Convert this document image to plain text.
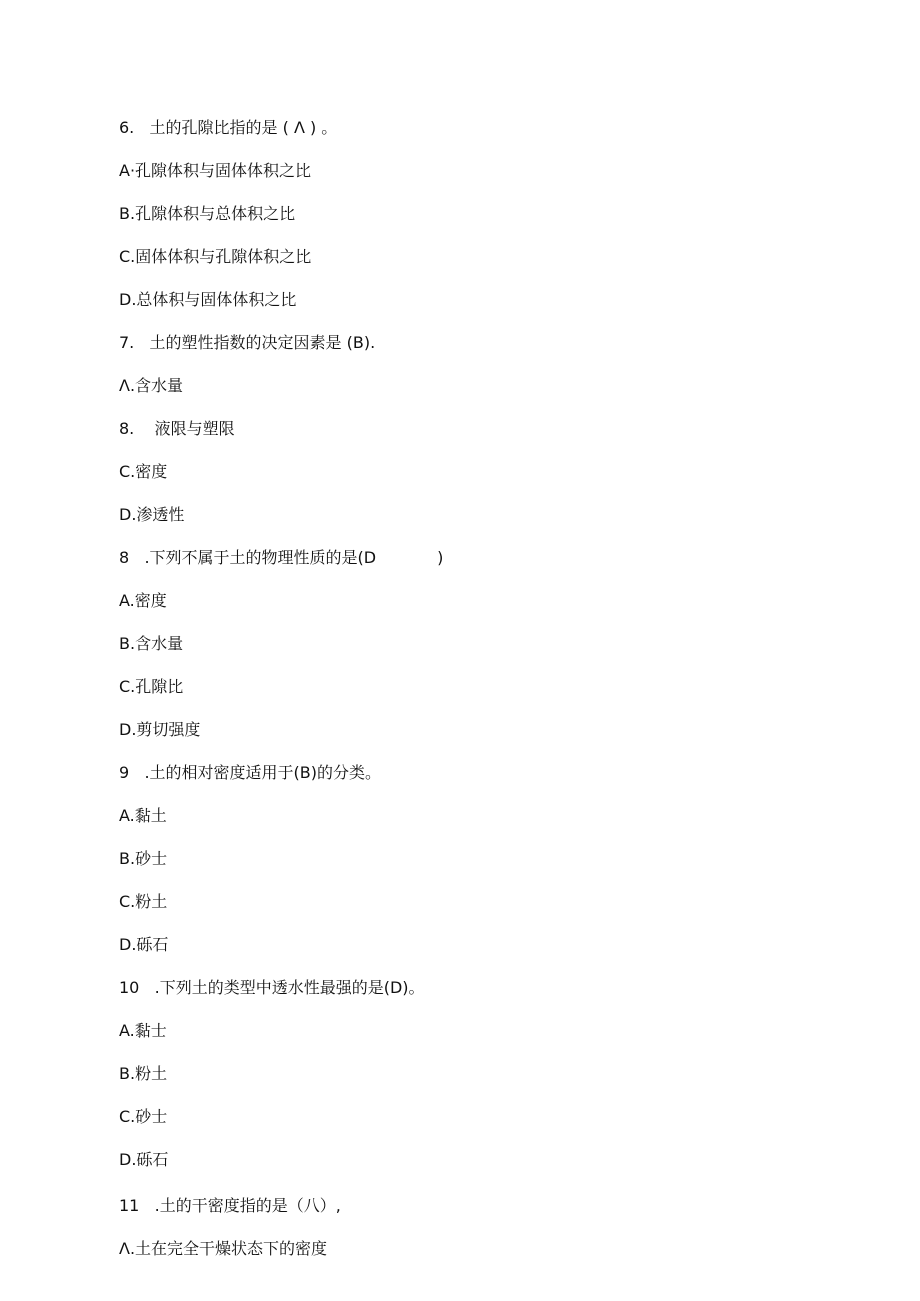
6.   土的孔隙比指的是 ( Λ ) 。
A·孔隙体积与固体体积之比
B.孔隙体积与总体积之比
C.固体体积与孔隙体积之比
D.总体积与固体体积之比
7.   土的塑性指数的决定因素是 (B).
Λ.含水量
8.    液限与塑限
C.密度
D.渗透性
8   .下列不属于土的物理性质的是(D            )
A.密度
B.含水量
C.孔隙比
D.剪切强度
9   .土的相对密度适用于(B)的分类。
A.黏土
B.砂士
C.粉土
D.砾石
10   .下列土的类型中透水性最强的是(D)。
A.黏士
B.粉土
C.砂士
D.砾石
11   .土的干密度指的是（八）,
Λ.土在完全干燥状态下的密度
